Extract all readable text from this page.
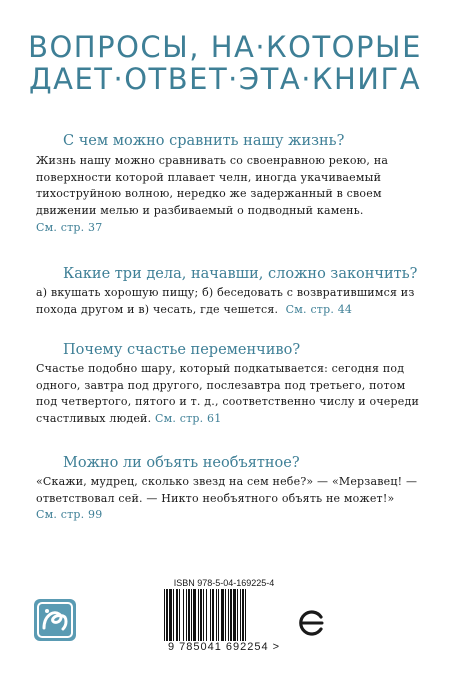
ВОПРОСЫ, НА·КОТОРЫЕ
ДАЕТ·ОТВЕТ·ЭТА·КНИГА
С чем можно сравнить нашу жизнь?
Жизнь нашу можно сравнивать со своенравною рекою, на
поверхности которой плавает челн, иногда укачиваемый
тихоструйною волною, нередко же задержанный в своем
движении мелью и разбиваемый о подводный камень.
См. стр. 37
Какие три дела, начавши, сложно закончить?
а) вкушать хорошую пищу; б) беседовать с возвратившимся из
похода другом и в) чесать, где чешется. См. стр. 44
Почему счастье переменчиво?
Счастье подобно шару, который подкатывается: сегодня под
одного, завтра под другого, послезавтра под третьего, потом
под четвертого, пятого и т. д., соответственно числу и очереди
счастливых людей. См. стр. 61
Можно ли объять необъятное?
«Скажи, мудрец, сколько звезд на сем небе?» — «Мерзавец! —
ответствовал сей. — Никто необъятного объять не может!»
См. стр. 99
ISBN 978-5-04-169225-4
9 785041 692254 >
